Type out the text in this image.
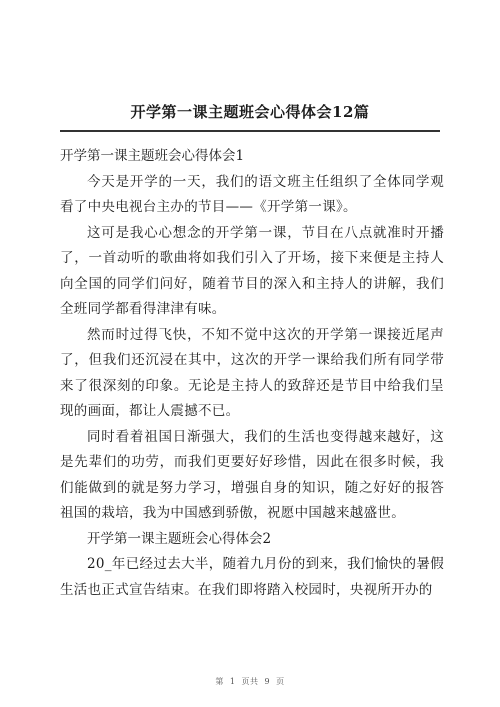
开学第一课主题班会心得体会12篇
开学第一课主题班会心得体会1

今天是开学的一天，我们的语文班主任组织了全体同学观看了中央电视台主办的节目——《开学第一课》。

这可是我心心想念的开学第一课，节目在八点就准时开播了，一首动听的歌曲将如我们引入了开场，接下来便是主持人向全国的同学们问好，随着节目的深入和主持人的讲解，我们全班同学都看得津津有味。

然而时过得飞快，不知不觉中这次的开学第一课接近尾声了，但我们还沉浸在其中，这次的开学一课给我们所有同学带来了很深刻的印象。无论是主持人的致辞还是节目中给我们呈现的画面，都让人震撼不已。

同时看着祖国日渐强大，我们的生活也变得越来越好，这是先辈们的功劳，而我们更要好好珍惜，因此在很多时候，我们能做到的就是努力学习，增强自身的知识，随之好好的报答祖国的栽培，我为中国感到骄傲，祝愿中国越来越盛世。

开学第一课主题班会心得体会2

20_年已经过去大半，随着九月份的到来，我们愉快的暑假生活也正式宣告结束。在我们即将踏入校园时，央视所开办的

第 1 页共 9 页
